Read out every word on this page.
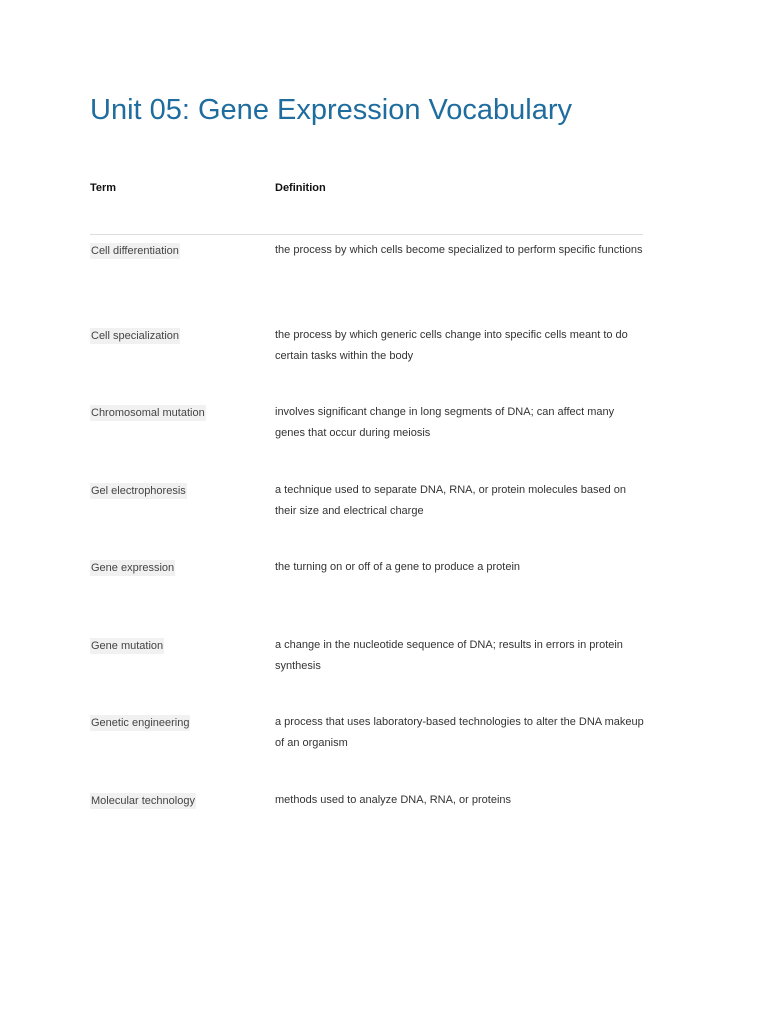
Unit 05: Gene Expression Vocabulary
Term	Definition
Cell differentiation	the process by which cells become specialized to perform specific functions
Cell specialization	the process by which generic cells change into specific cells meant to do certain tasks within the body
Chromosomal mutation	involves significant change in long segments of DNA; can affect many genes that occur during meiosis
Gel electrophoresis	a technique used to separate DNA, RNA, or protein molecules based on their size and electrical charge
Gene expression	the turning on or off of a gene to produce a protein
Gene mutation	a change in the nucleotide sequence of DNA; results in errors in protein synthesis
Genetic engineering	a process that uses laboratory-based technologies to alter the DNA makeup of an organism
Molecular technology	methods used to analyze DNA, RNA, or proteins
